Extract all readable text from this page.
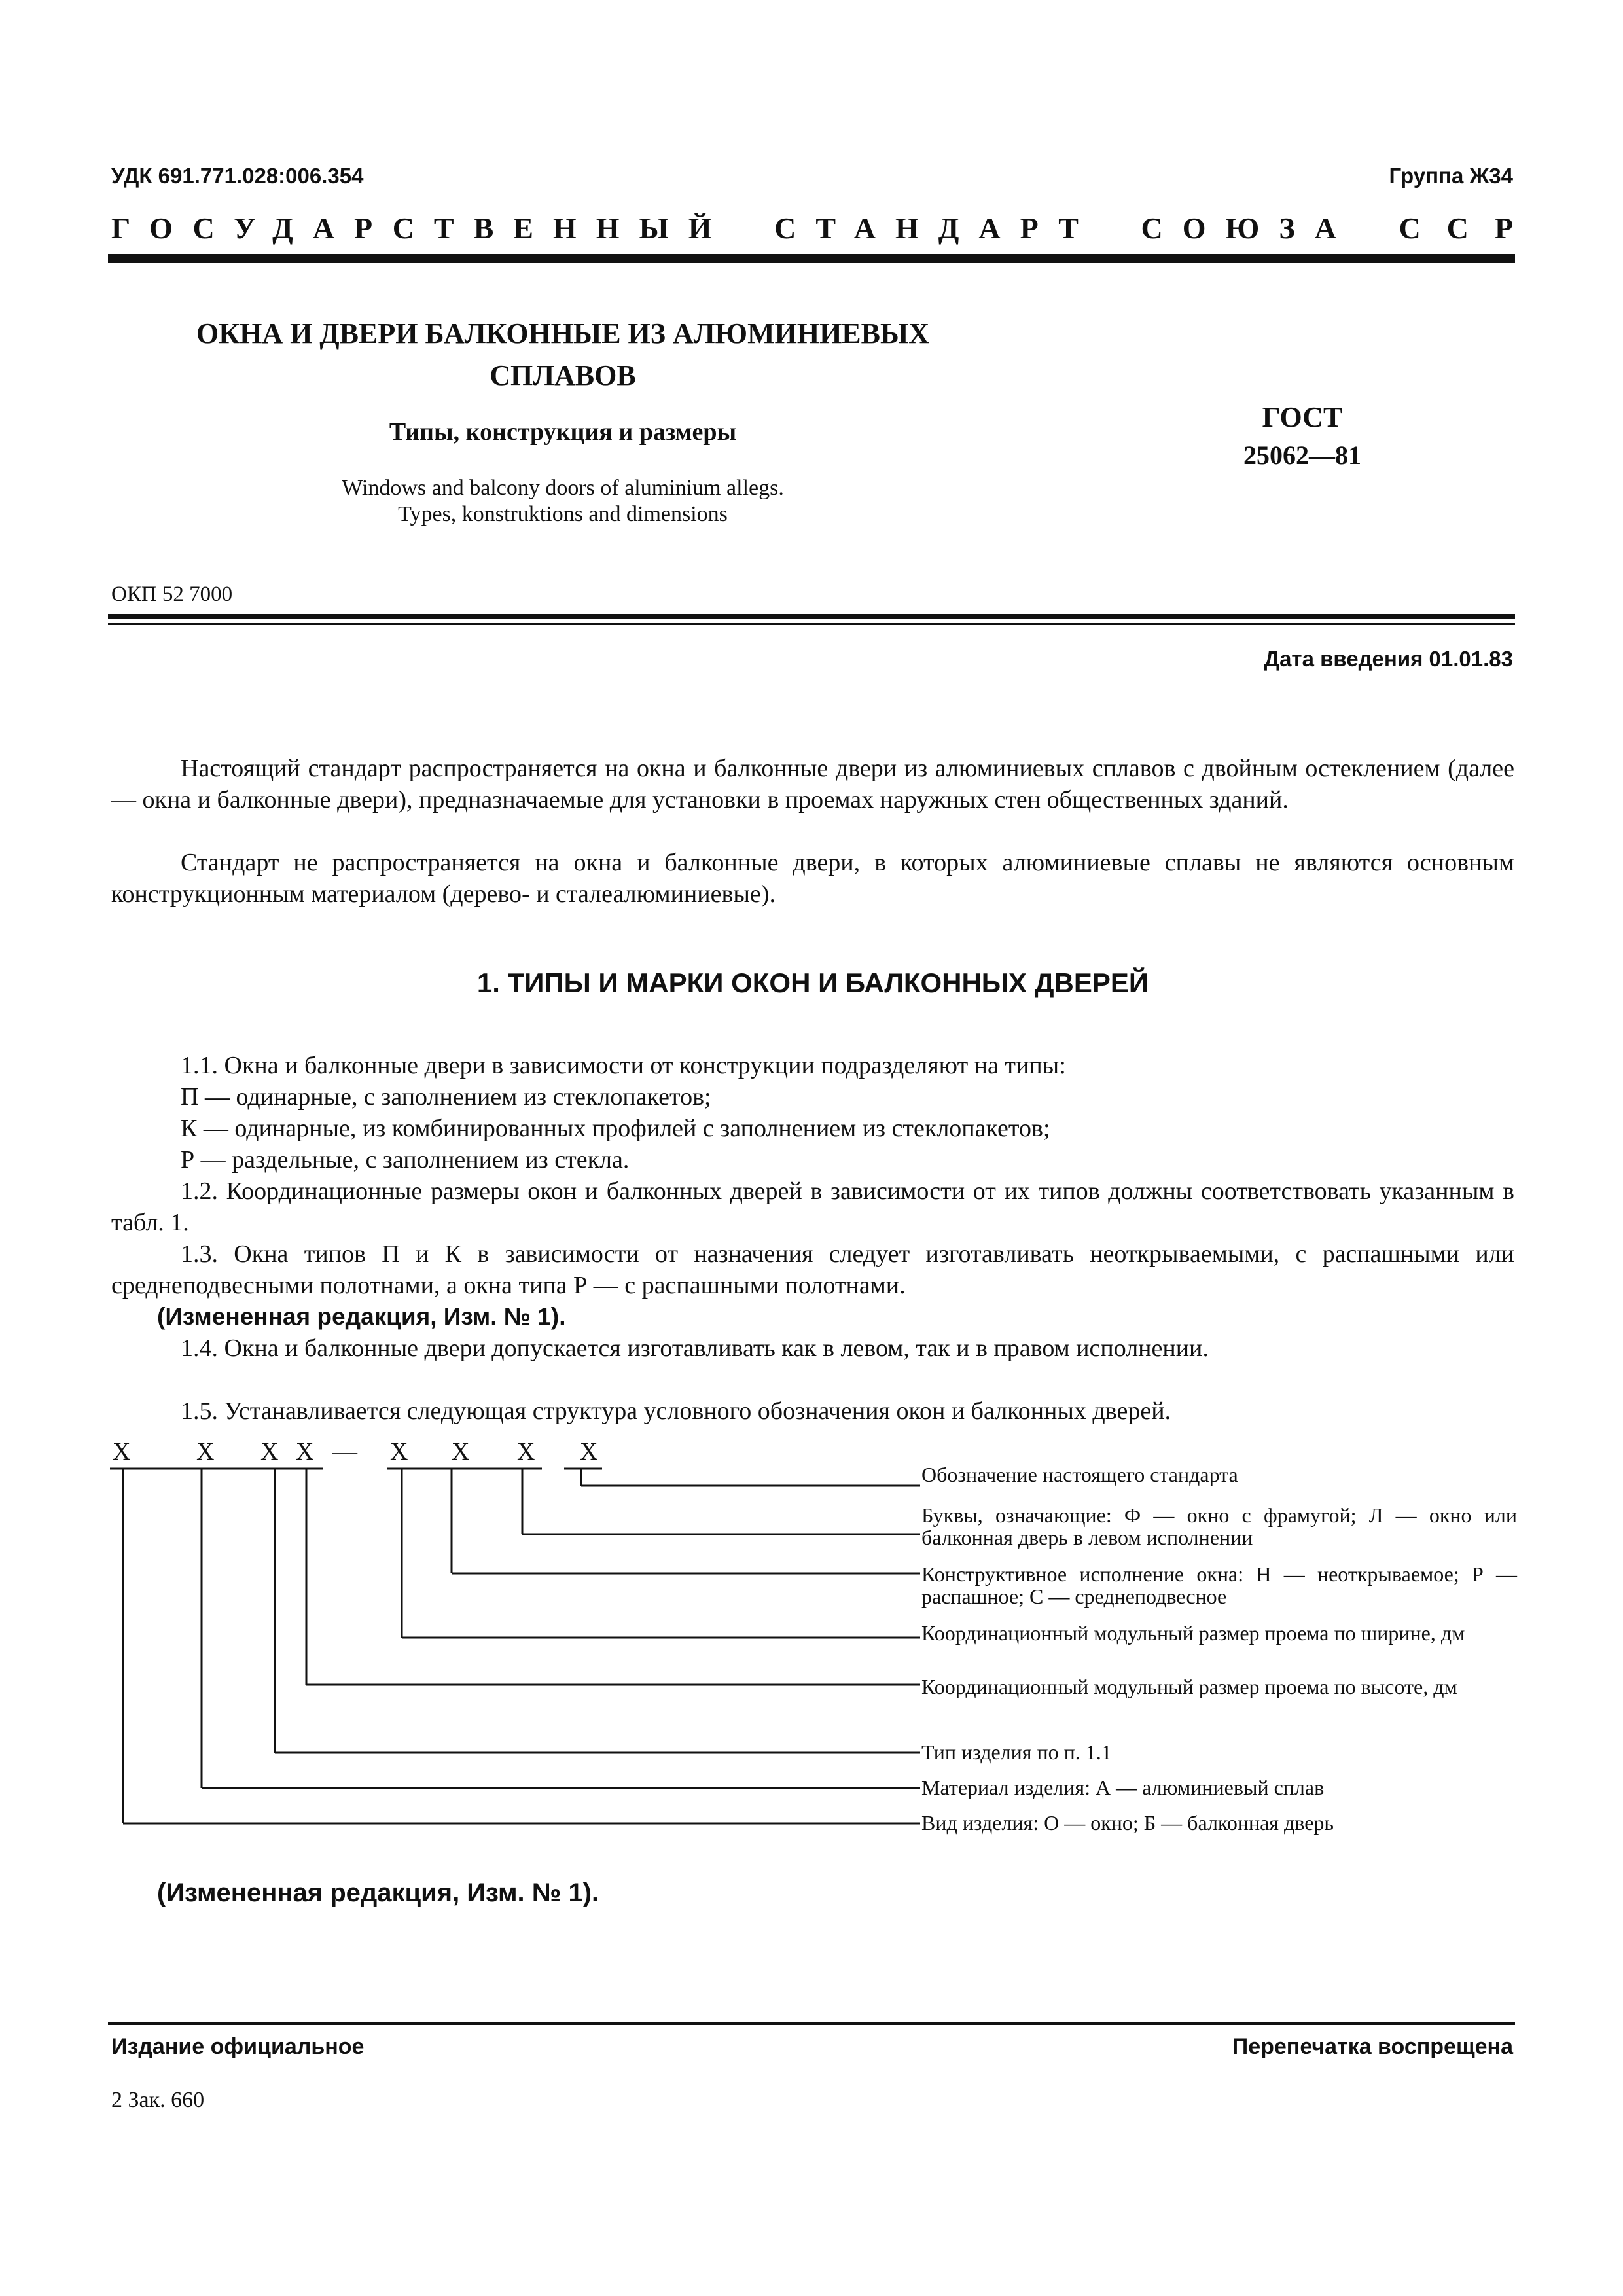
УДК 691.771.028:006.354	Группа Ж34
ГОСУДАРСТВЕННЫЙ СТАНДАРТ СОЮЗА ССР
ОКНА И ДВЕРИ БАЛКОННЫЕ ИЗ АЛЮМИНИЕВЫХ
СПЛАВОВ
Типы, конструкция и размеры
Windows and balcony doors of aluminium allegs.
Types, konstruktions and dimensions
ГОСТ
25062—81
ОКП 52 7000
Дата введения 01.01.83
Настоящий стандарт распространяется на окна и балконные двери из алюминиевых сплавов с двойным остеклением (далее — окна и балконные двери), предназначаемые для установки в проемах наружных стен общественных зданий.
Стандарт не распространяется на окна и балконные двери, в которых алюминиевые сплавы не являются основным конструкционным материалом (дерево- и сталеалюминиевые).
1. ТИПЫ И МАРКИ ОКОН И БАЛКОННЫХ ДВЕРЕЙ
1.1. Окна и балконные двери в зависимости от конструкции подразделяют на типы:
П — одинарные, с заполнением из стеклопакетов;
К — одинарные, из комбинированных профилей с заполнением из стеклопакетов;
Р — раздельные, с заполнением из стекла.
1.2. Координационные размеры окон и балконных дверей в зависимости от их типов должны соответствовать указанным в табл. 1.
1.3. Окна типов П и К в зависимости от назначения следует изготавливать неоткрываемыми, с распашными или среднеподвесными полотнами, а окна типа Р — с распашными полотнами.
(Измененная редакция, Изм. № 1).
1.4. Окна и балконные двери допускается изготавливать как в левом, так и в правом исполнении.
1.5. Устанавливается следующая структура условного обозначения окон и балконных дверей.
Х	Х Х Х — Х Х Х Х
Обозначение настоящего стандарта
Буквы, означающие: Ф — окно с фрамугой; Л — окно или балконная дверь в левом исполнении
Конструктивное исполнение окна: Н — неоткрываемое; Р — распашное; С — среднеподвесное
Координационный модульный размер проема по ширине, дм
Координационный модульный размер проема по высоте, дм
Тип изделия по п. 1.1
Материал изделия: А — алюминиевый сплав
Вид изделия: О — окно; Б — балконная дверь
(Измененная редакция, Изм. № 1).
Издание официальное	Перепечатка воспрещена
2 Зак. 660
